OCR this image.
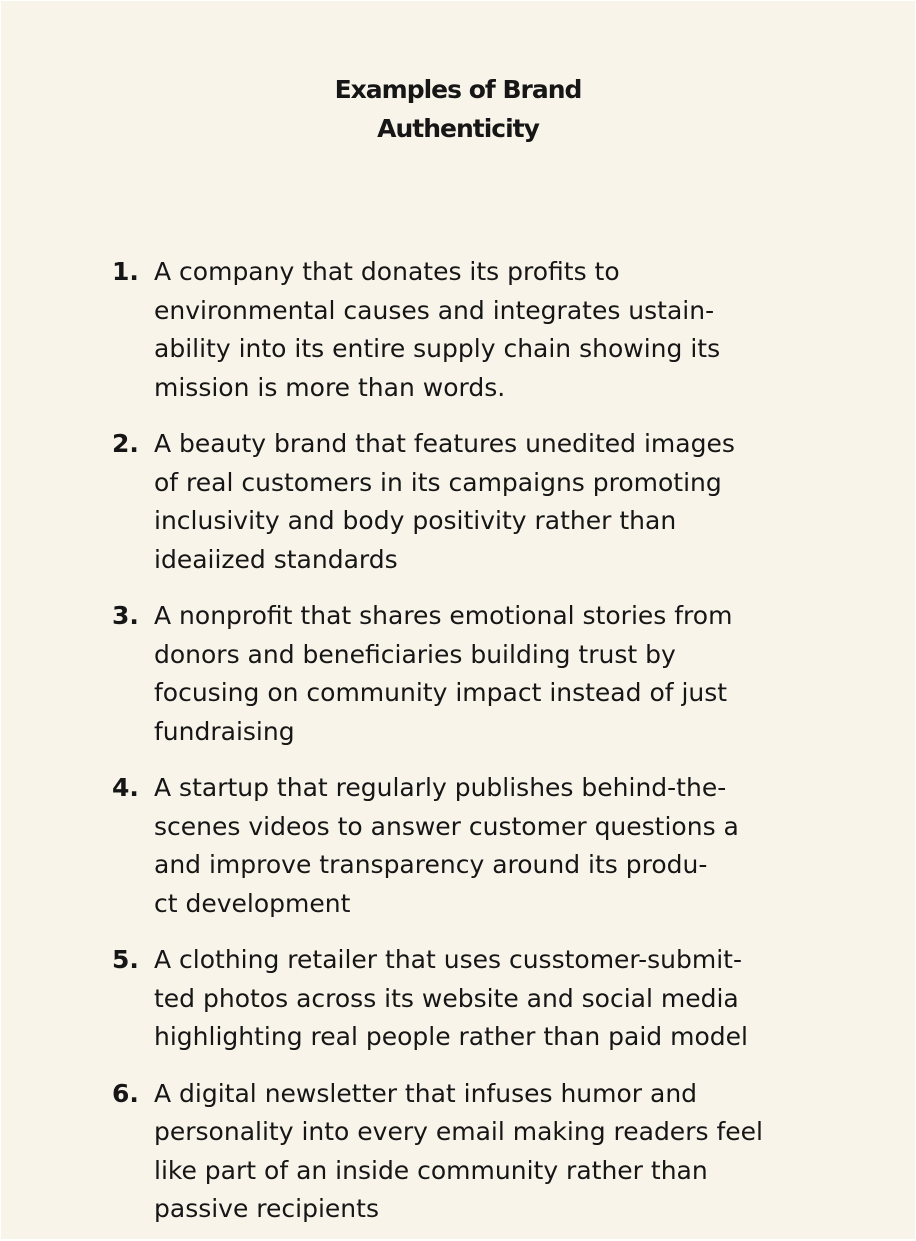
Examples of Brand
Authenticity
1. A company that donates its profits to
environmental causes and integrates ustain-
ability into its entire supply chain showing its
mission is more than words.
2. A beauty brand that features unedited images
of real customers in its campaigns promoting
inclusivity and body positivity rather than
ideaiized standards
3. A nonprofit that shares emotional stories from
donors and beneficiaries building trust by
focusing on community impact instead of just
fundraising
4. A startup that regularly publishes behind-the-
scenes videos to answer customer questions a
and improve transparency around its produ-
ct development
5. A clothing retailer that uses cusstomer-submit-
ted photos across its website and social media
highlighting real people rather than paid model
6. A digital newsletter that infuses humor and
personality into every email making readers feel
like part of an inside community rather than
passive recipients
